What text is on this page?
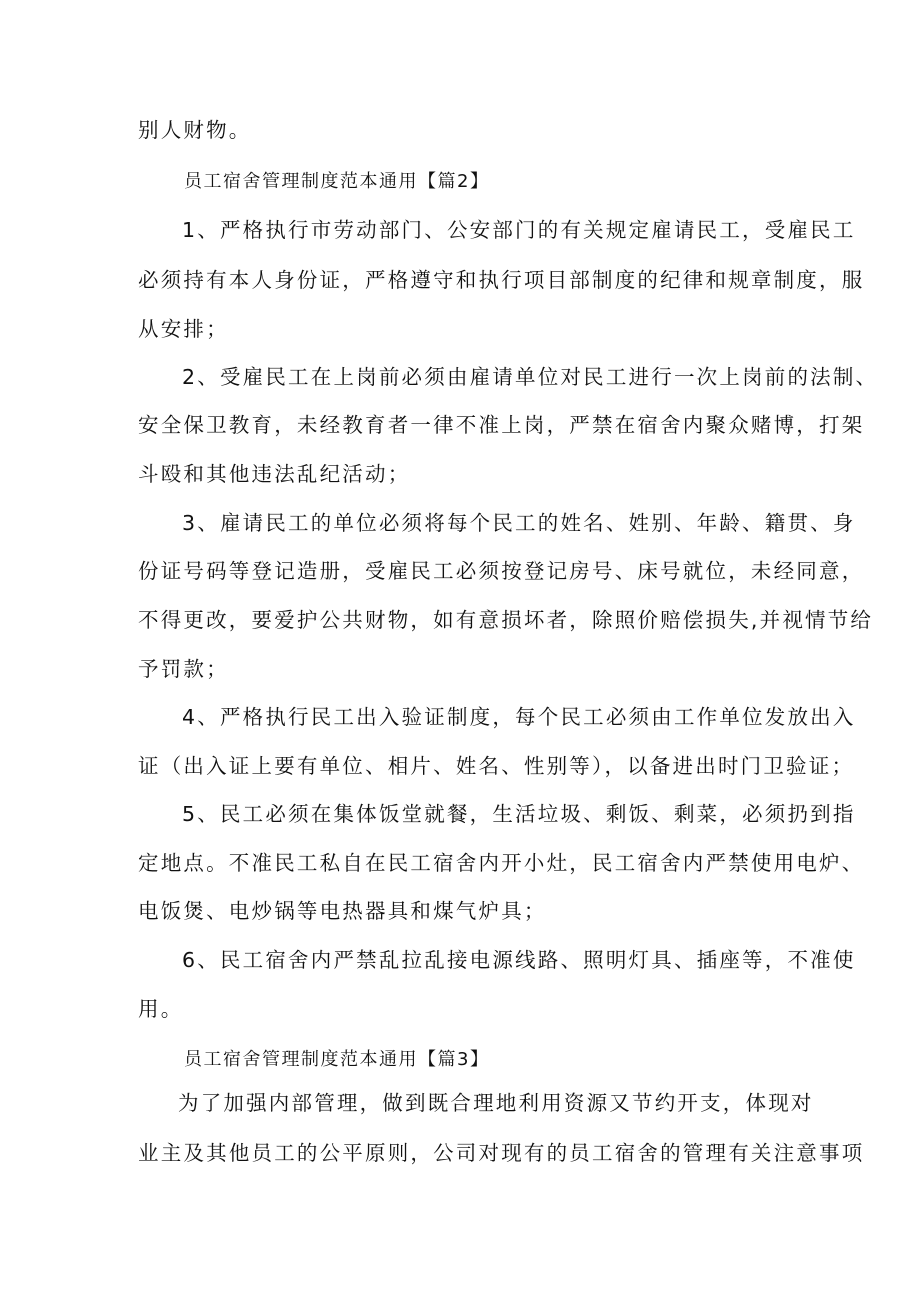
别人财物。
员工宿舍管理制度范本通用【篇2】
1、严格执行市劳动部门、公安部门的有关规定雇请民工，受雇民工
必须持有本人身份证，严格遵守和执行项目部制度的纪律和规章制度，服
从安排；
2、受雇民工在上岗前必须由雇请单位对民工进行一次上岗前的法制、
安全保卫教育，未经教育者一律不准上岗，严禁在宿舍内聚众赌博，打架
斗殴和其他违法乱纪活动；
3、雇请民工的单位必须将每个民工的姓名、姓别、年龄、籍贯、身
份证号码等登记造册，受雇民工必须按登记房号、床号就位，未经同意，
不得更改，要爱护公共财物，如有意损坏者，除照价赔偿损失,并视情节给
予罚款；
4、严格执行民工出入验证制度，每个民工必须由工作单位发放出入
证（出入证上要有单位、相片、姓名、性别等），以备进出时门卫验证；
5、民工必须在集体饭堂就餐，生活垃圾、剩饭、剩菜，必须扔到指
定地点。不准民工私自在民工宿舍内开小灶，民工宿舍内严禁使用电炉、
电饭煲、电炒锅等电热器具和煤气炉具；
6、民工宿舍内严禁乱拉乱接电源线路、照明灯具、插座等，不准使
用。
员工宿舍管理制度范本通用【篇3】
为了加强内部管理，做到既合理地利用资源又节约开支，体现对
业主及其他员工的公平原则，公司对现有的员工宿舍的管理有关注意事项
